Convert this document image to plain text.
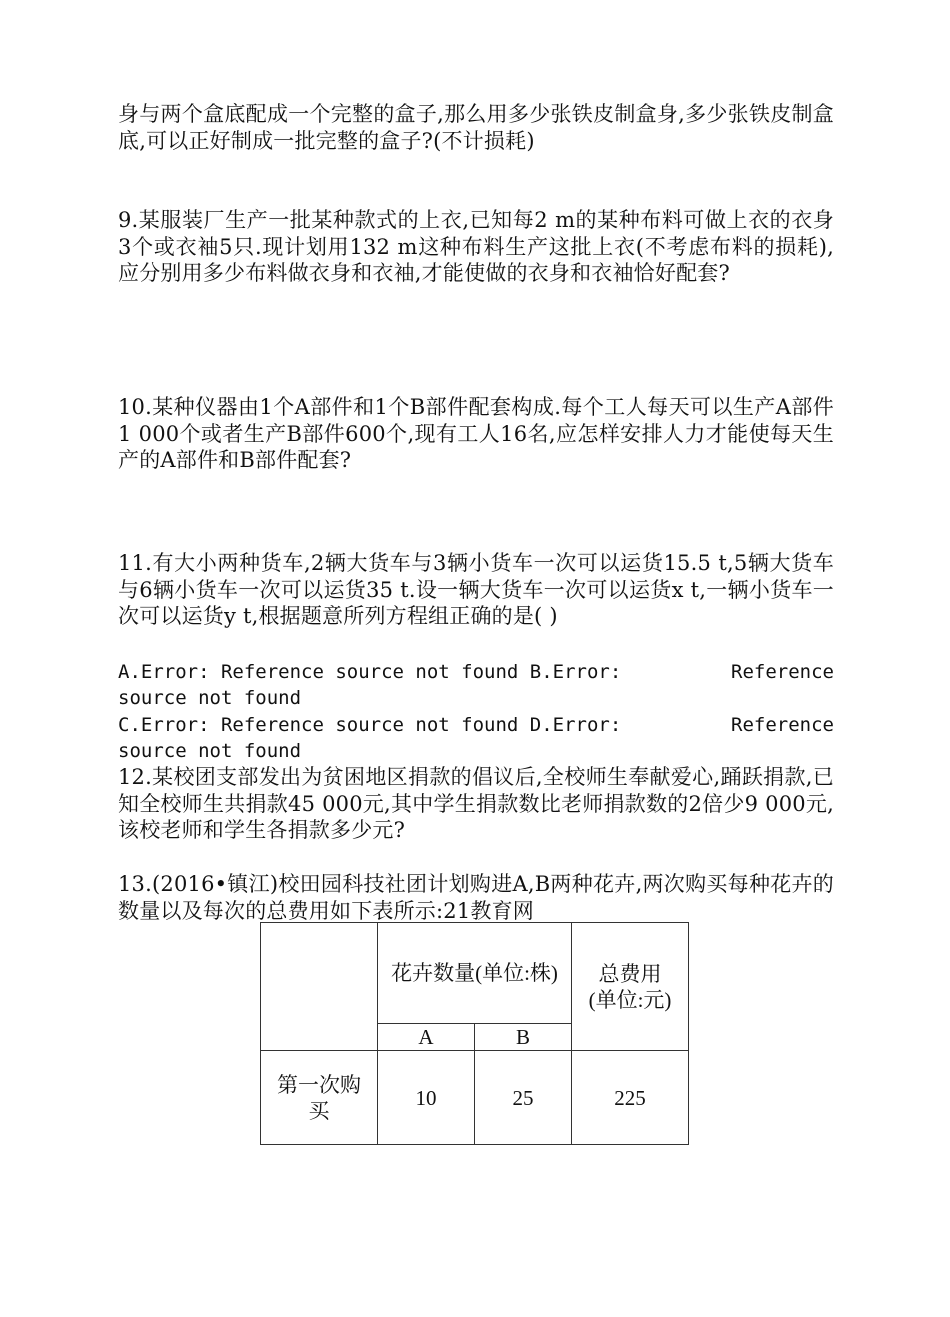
身与两个盒底配成一个完整的盒子,那么用多少张铁皮制盒身,多少张铁皮制盒底,可以正好制成一批完整的盒子?(不计损耗)
9.某服装厂生产一批某种款式的上衣,已知每2 m的某种布料可做上衣的衣身3个或衣袖5只.现计划用132 m这种布料生产这批上衣(不考虑布料的损耗),应分别用多少布料做衣身和衣袖,才能使做的衣身和衣袖恰好配套?
10.某种仪器由1个A部件和1个B部件配套构成.每个工人每天可以生产A部件1 000个或者生产B部件600个,现有工人16名,应怎样安排人力才能使每天生产的A部件和B部件配套?
11.有大小两种货车,2辆大货车与3辆小货车一次可以运货15.5 t,5辆大货车与6辆小货车一次可以运货35 t.设一辆大货车一次可以运货x t,一辆小货车一次可以运货y t,根据题意所列方程组正确的是( )
A.Error: Reference source not found B.Error:	Reference
source not found
C.Error: Reference source not found D.Error:	Reference
source not found
12.某校团支部发出为贫困地区捐款的倡议后,全校师生奉献爱心,踊跃捐款,已知全校师生共捐款45 000元,其中学生捐款数比老师捐款数的2倍少9 000元,该校老师和学生各捐款多少元?
13.(2016•镇江)校田园科技社团计划购进A,B两种花卉,两次购买每种花卉的数量以及每次的总费用如下表所示:21教育网
	花卉数量(单位:株)		总费用
(单位:元)

	A	B	

第一次购
买	10	25	225
